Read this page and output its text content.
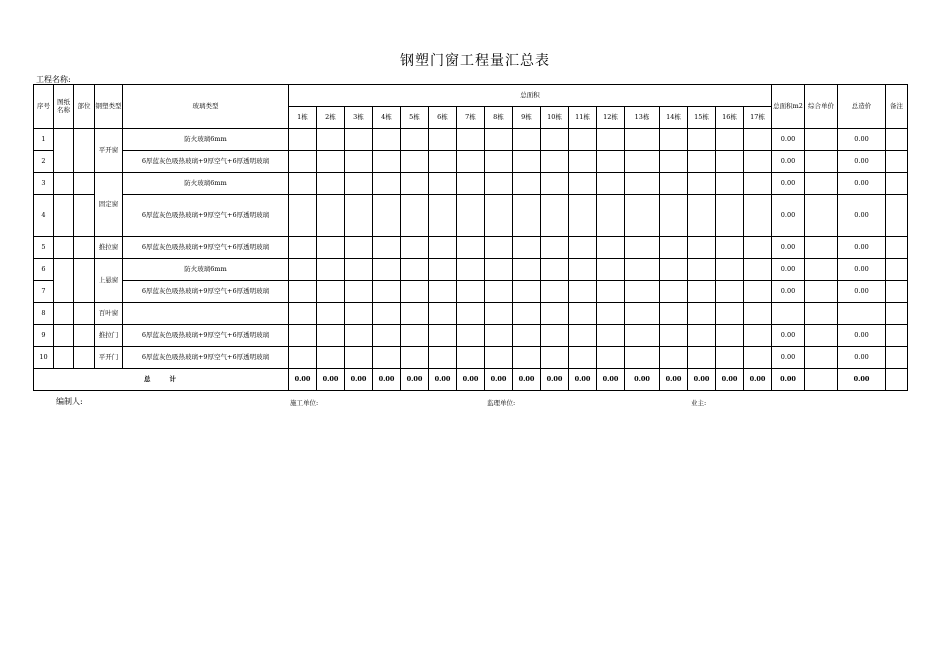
钢塑门窗工程量汇总表
工程名称:
序号	图纸名称	部位	钢塑类型	玻璃类型	总面积																	总面积m2	综合单价	总造价	备注
					1栋	2栋	3栋	4栋	5栋	6栋	7栋	8栋	9栋	10栋	11栋	12栋	13栋	14栋	15栋	16栋	17栋				
1			平开窗	防火玻璃6mm																		0.00		0.00	
2				6厚蓝灰色吸热玻璃+9厚空气+6厚透明玻璃																		0.00		0.00	
3			固定窗	防火玻璃6mm																		0.00		0.00	
4				6厚蓝灰色吸热玻璃+9厚空气+6厚透明玻璃																		0.00		0.00	
5			推拉窗	6厚蓝灰色吸热玻璃+9厚空气+6厚透明玻璃																		0.00		0.00	
6			上悬窗	防火玻璃6mm																		0.00		0.00	
7				6厚蓝灰色吸热玻璃+9厚空气+6厚透明玻璃																		0.00		0.00	
8			百叶窗																						
9			推拉门	6厚蓝灰色吸热玻璃+9厚空气+6厚透明玻璃																		0.00		0.00	
10			平开门	6厚蓝灰色吸热玻璃+9厚空气+6厚透明玻璃																		0.00		0.00	
总　　计					0.00	0.00	0.00	0.00	0.00	0.00	0.00	0.00	0.00	0.00	0.00	0.00	0.00	0.00	0.00	0.00	0.00	0.00		0.00	
编制人:	施工单位:	监理单位:	业主:
